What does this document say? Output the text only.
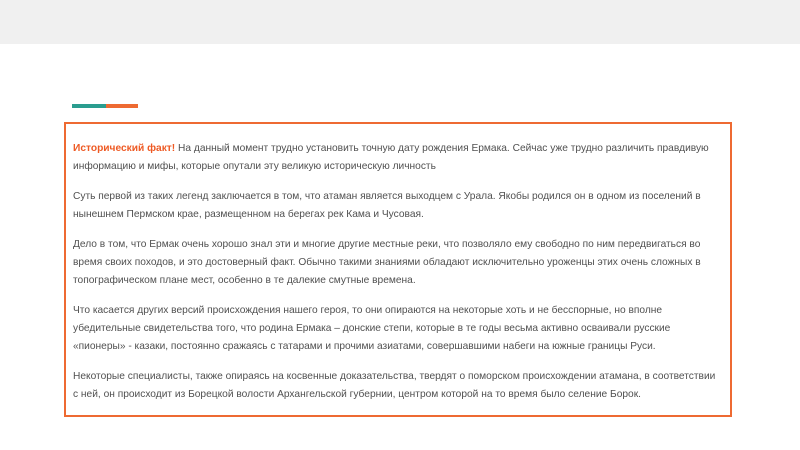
Исторический факт! На данный момент трудно установить точную дату рождения Ермака. Сейчас уже трудно различить правдивую информацию и мифы, которые опутали эту великую историческую личность

Суть первой из таких легенд заключается в том, что атаман является выходцем с Урала. Якобы родился он в одном из поселений в нынешнем Пермском крае, размещенном на берегах рек Кама и Чусовая.

Дело в том, что Ермак очень хорошо знал эти и многие другие местные реки, что позволяло ему свободно по ним передвигаться во время своих походов, и это достоверный факт. Обычно такими знаниями обладают исключительно уроженцы этих очень сложных в топографическом плане мест, особенно в те далекие смутные времена.

Что касается других версий происхождения нашего героя, то они опираются на некоторые хоть и не бесспорные, но вполне убедительные свидетельства того, что родина Ермака – донские степи, которые в те годы весьма активно осваивали русские «пионеры» - казаки, постоянно сражаясь с татарами и прочими азиатами, совершавшими набеги на южные границы Руси.

Некоторые специалисты, также опираясь на косвенные доказательства, твердят о поморском происхождении атамана, в соответствии с ней, он происходит из Борецкой волости Архангельской губернии, центром которой на то время было селение Борок.
